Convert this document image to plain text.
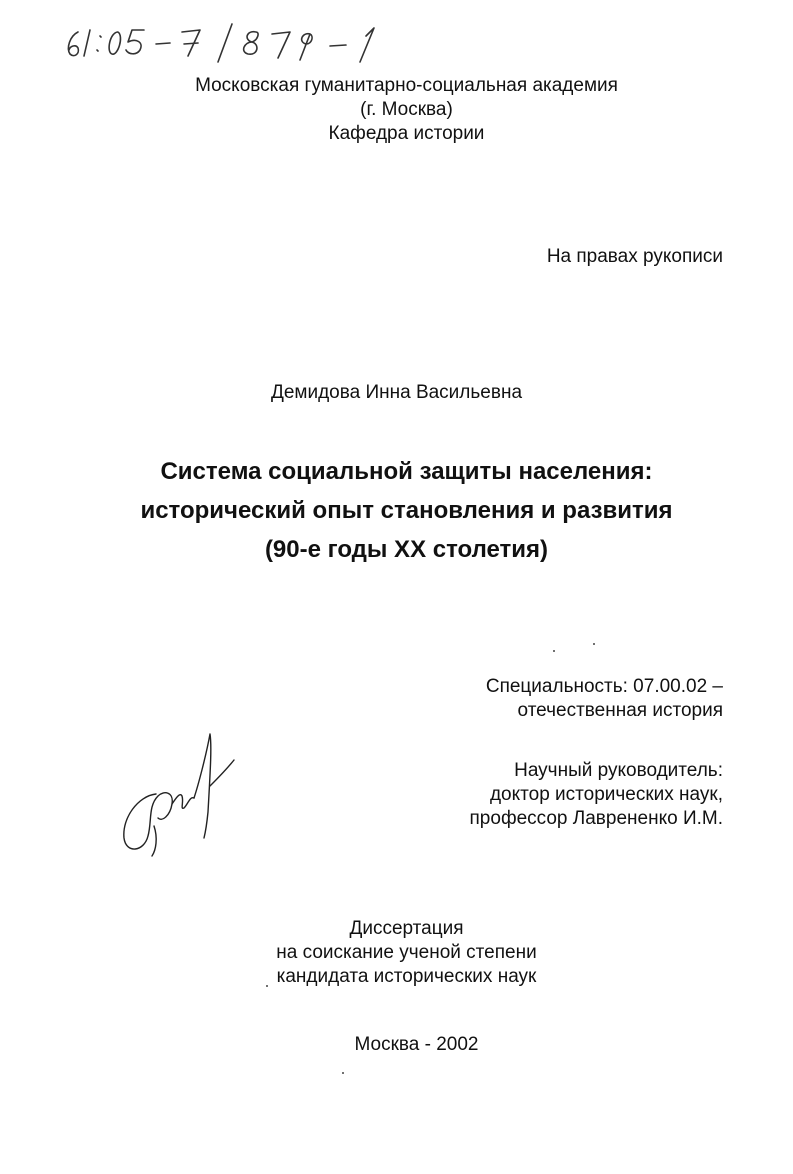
Московская гуманитарно-социальная академия
(г. Москва)
Кафедра истории
На правах рукописи
Демидова Инна Васильевна
Система социальной защиты населения:
исторический опыт становления и развития
(90-е годы XX столетия)
Специальность: 07.00.02 –
отечественная история
Научный руководитель:
доктор исторических наук,
профессор Лаврененко И.М.
Диссертация
на соискание ученой степени
кандидата исторических наук
Москва - 2002
